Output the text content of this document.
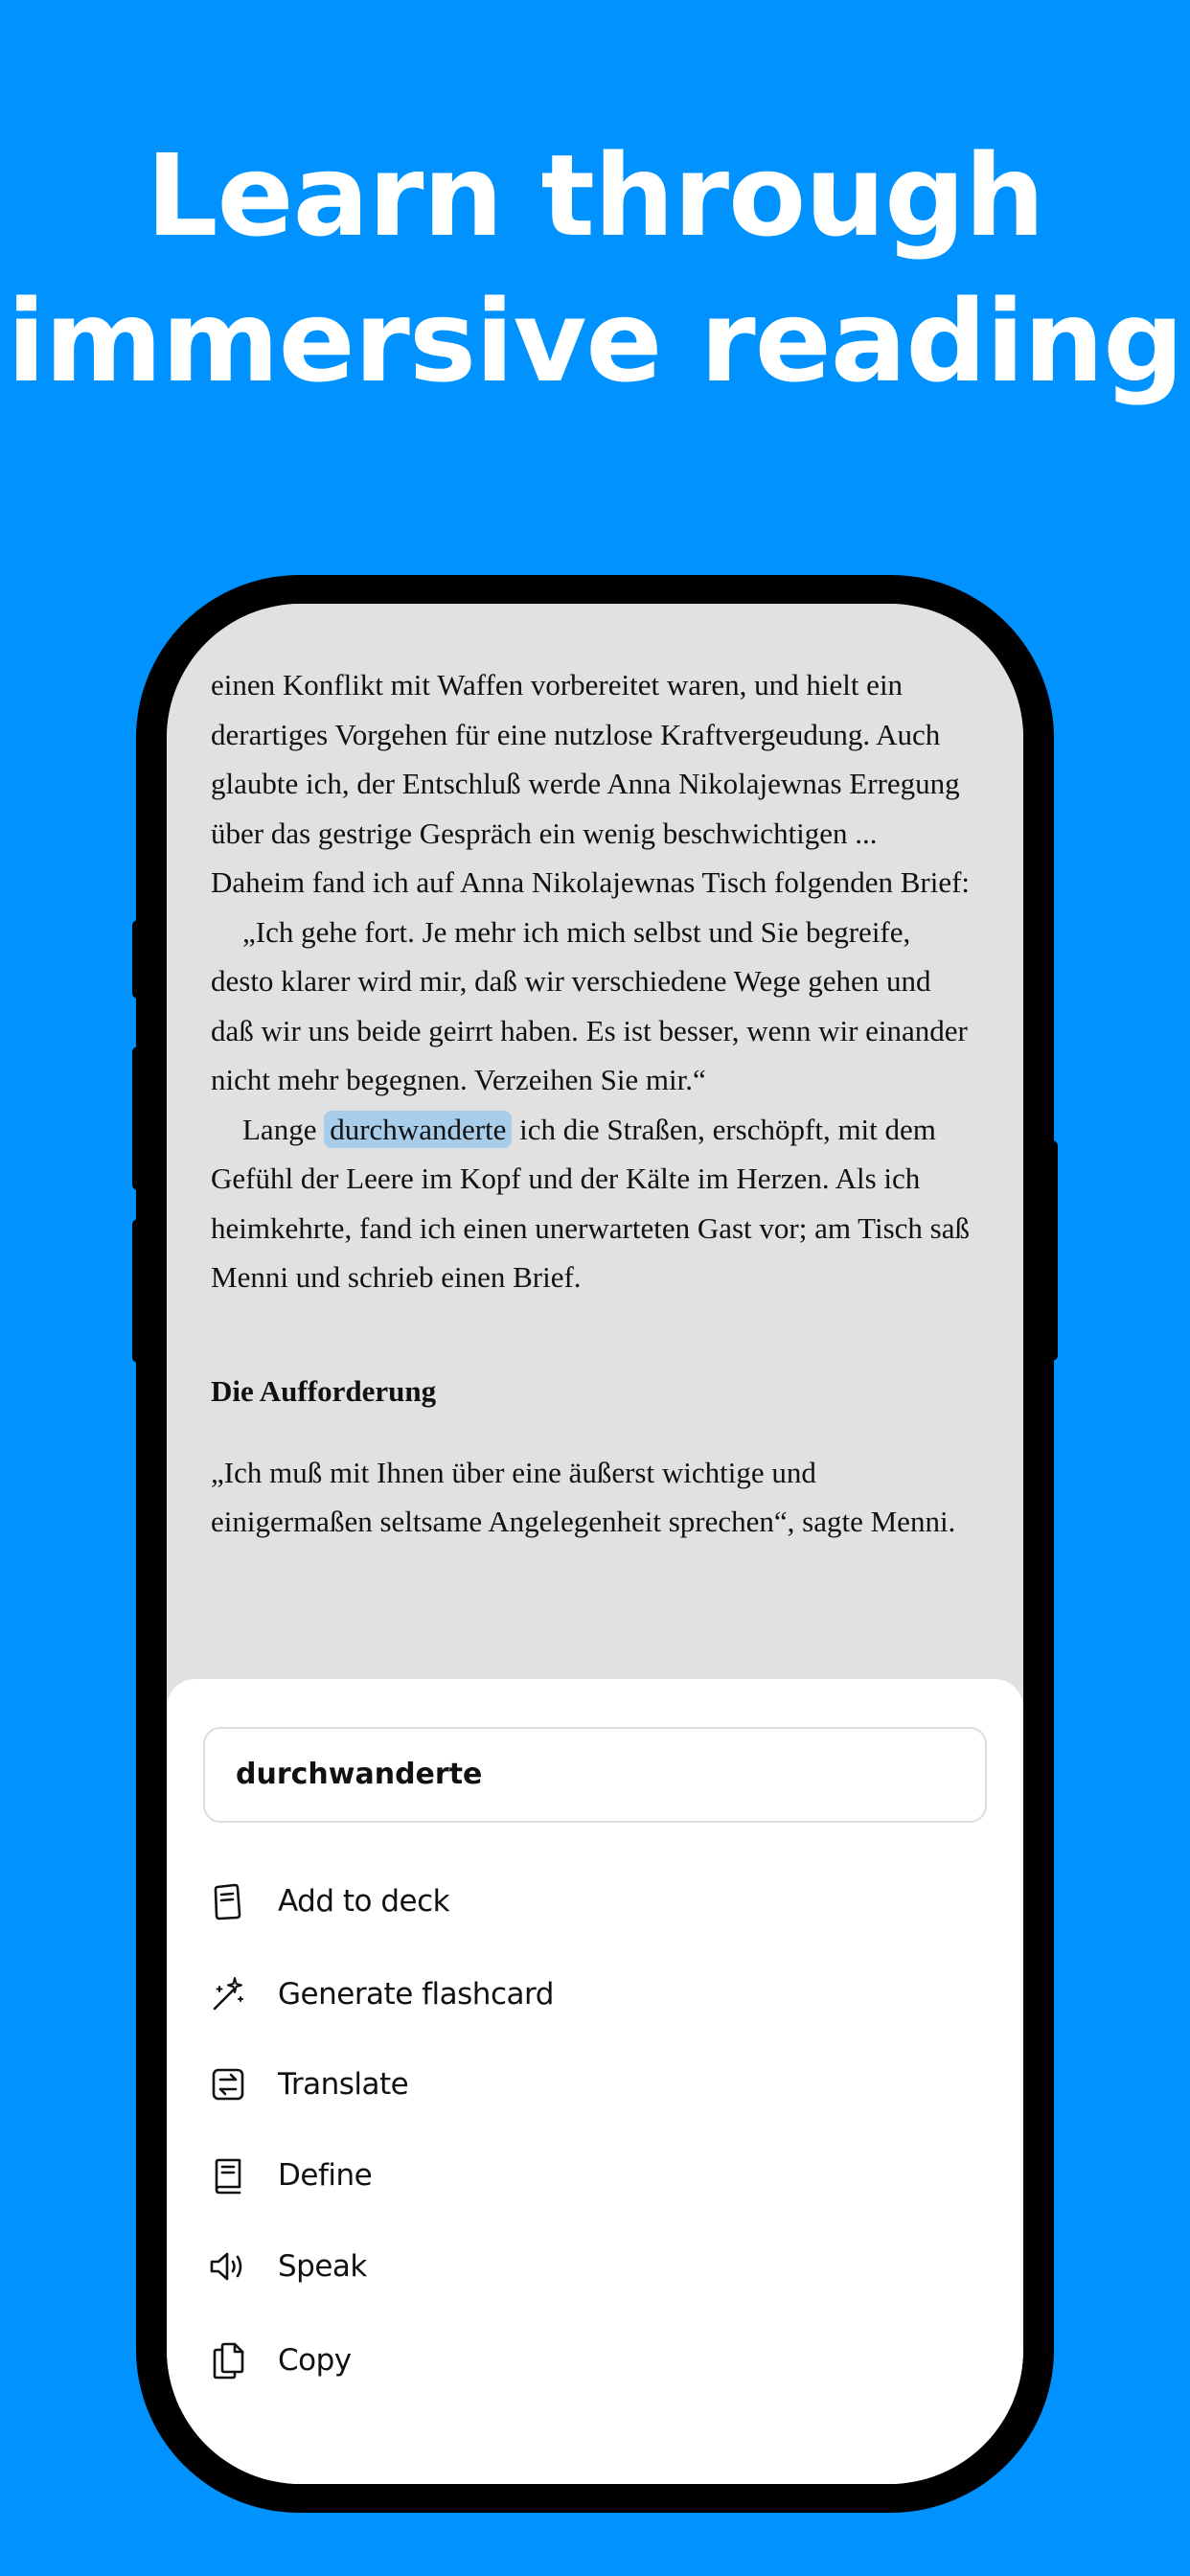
Learn through
immersive reading

einen Konflikt mit Waffen vorbereitet waren, und hielt ein derartiges Vorgehen für eine nutzlose Kraftvergeudung. Auch glaubte ich, der Entschluß werde Anna Nikolajewnas Erregung über das gestrige Gespräch ein wenig beschwichtigen ... Daheim fand ich auf Anna Nikolajewnas Tisch folgenden Brief:

„Ich gehe fort. Je mehr ich mich selbst und Sie begreife, desto klarer wird mir, daß wir verschiedene Wege gehen und daß wir uns beide geirrt haben. Es ist besser, wenn wir einander nicht mehr begegnen. Verzeihen Sie mir.“

Lange durchwanderte ich die Straßen, erschöpft, mit dem Gefühl der Leere im Kopf und der Kälte im Herzen. Als ich heimkehrte, fand ich einen unerwarteten Gast vor; am Tisch saß Menni und schrieb einen Brief.

Die Aufforderung

„Ich muß mit Ihnen über eine äußerst wichtige und einigermaßen seltsame Angelegenheit sprechen“, sagte Menni.

durchwanderte
Add to deck
Generate flashcard
Translate
Define
Speak
Copy
